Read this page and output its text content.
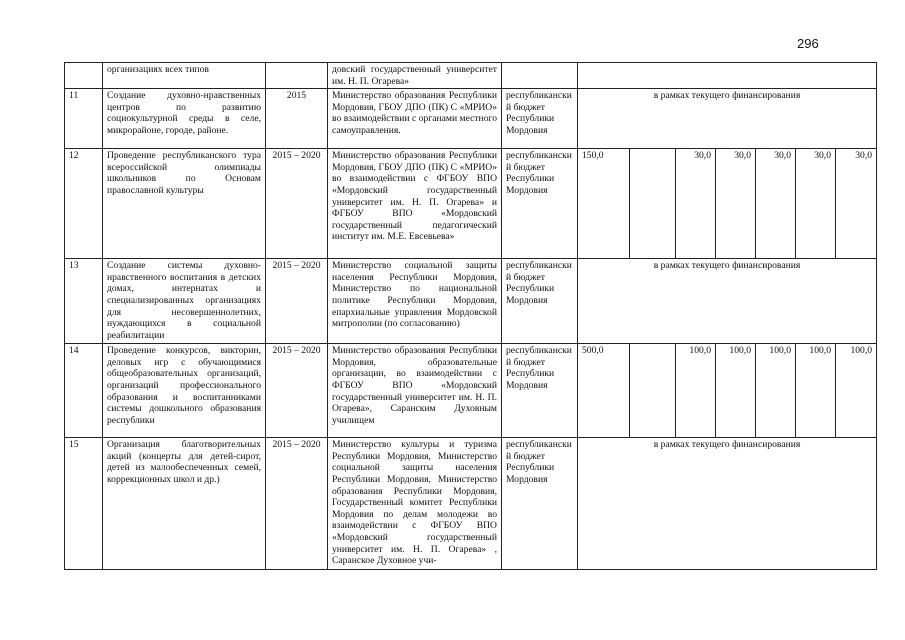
296
	организациях всех типов		довский государственный университет им. Н. П. Огарева»								
11	Создание духовно-нравственных центров по развитию социокультурной среды в селе, микрорайоне, городе, районе.	2015	Министерство образования Республики Мордовия, ГБОУ ДПО (ПК) С «МРИО» во взаимодействии с органами местного самоуправления.	республиканский бюджет Республики Мордовия	в рамках текущего финансирования						
12	Проведение республиканского тура всероссийской олимпиады школьников по Основам православной культуры	2015 – 2020	Министерство образования Республики Мордовия, ГБОУ ДПО (ПК) С «МРИО» во взаимодействии с ФГБОУ ВПО «Мордовский государственный университет им. Н. П. Огарева» и ФГБОУ ВПО «Мордовский государственный педагогический институт им. М.Е. Евсевьева»	республиканский бюджет Республики Мордовия	150,0		30,0	30,0	30,0	30,0	30,0
13	Создание системы духовно-нравственного воспитания в детских домах, интернатах и специализированных организациях для несовершеннолетних, нуждающихся в социальной реабилитации	2015 – 2020	Министерство социальной защиты населения Республики Мордовия, Министерство по национальной политике Республики Мордовия, епархиальные управления Мордовской митрополии (по согласованию)	республиканский бюджет Республики Мордовия	в рамках текущего финансирования						
14	Проведение конкурсов, викторин, деловых игр с обучающимися общеобразовательных организаций, организаций профессионального образования и воспитанниками системы дошкольного образования республики	2015 – 2020	Министерство образования Республики Мордовия, образовательные организации, во взаимодействии с ФГБОУ ВПО «Мордовский государственный университет им. Н. П. Огарева», Саранским Духовным училищем	республиканский бюджет Республики Мордовия	500,0		100,0	100,0	100,0	100,0	100,0
15	Организация благотворительных акций (концерты для детей-сирот, детей из малообеспеченных семей, коррекционных школ и др.)	2015 – 2020	Министерство культуры и туризма Республики Мордовия, Министерство социальной защиты населения Республики Мордовия, Министерство образования Республики Мордовия, Государственный комитет Республики Мордовия по делам молодежи во взаимодействии с ФГБОУ ВПО «Мордовский государственный университет им. Н. П. Огарева» , Саранское Духовное учи-	республиканский бюджет Республики Мордовия	в рамках текущего финансирования						
